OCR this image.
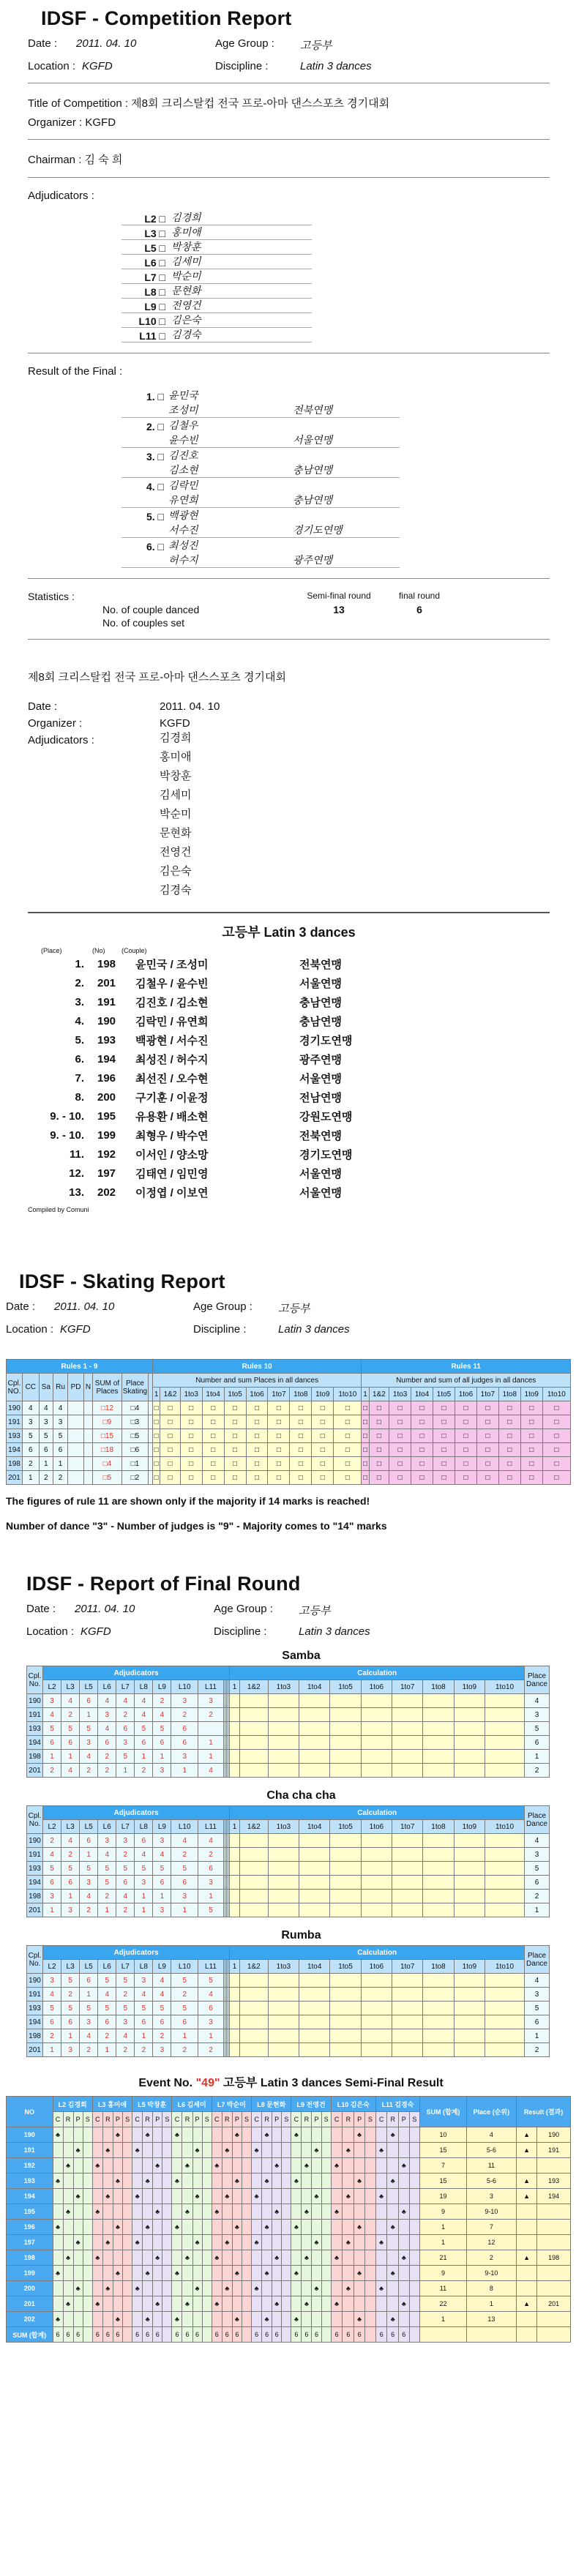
IDSF - Competition Report
Date :	2011. 04. 10	Age Group :	고등부
Location : KGFD	Discipline :	Latin 3 dances
Title of Competition : 제8회 크리스탈컵 전국 프로-아마 댄스스포츠 경기대회
Organizer : KGFD
Chairman : 김 숙 희
Adjudicators :
L2 □ 김경희
L3 □ 홍미애
L5 □ 박창훈
L6 □ 김세미
L7 □ 박순미
L8 □ 문현화
L9 □ 전영건
L10 □ 김은숙
L11 □ 김경숙
Result of the Final :
1. □ 윤민국
조성미	전북연맹
2. □ 김철우
윤수빈	서울연맹
3. □ 김진호
김소현	충남연맹
4. □ 김락민
유연희	충남연맹
5. □ 백광현
서수진	경기도연맹
6. □ 최성진
허수지	광주연맹
Statistics :	Semi-final round	final round
No. of couple danced	13	6
No. of couples set
제8회 크리스탈컵 전국 프로-아마 댄스스포츠 경기대회
Date :	2011. 04. 10
Organizer :	KGFD
Adjudicators :	김경희
홍미애
박창훈
김세미
박순미
문현화
전영건
김은숙
김경숙
고등부 Latin 3 dances
(Place)	(No)	(Couple)
1.	198	윤민국 / 조성미	전북연맹
2.	201	김철우 / 윤수빈	서울연맹
3.	191	김진호 / 김소현	충남연맹
4.	190	김락민 / 유연희	충남연맹
5.	193	백광현 / 서수진	경기도연맹
6.	194	최성진 / 허수지	광주연맹
7.	196	최선진 / 오수현	서울연맹
8.	200	구기훈 / 이윤정	전남연맹
9. - 10.	195	유용환 / 배소현	강원도연맹
9. - 10.	199	최형우 / 박수연	전북연맹
11.	192	이서인 / 양소망	경기도연맹
12.	197	김태연 / 임민영	서울연맹
13.	202	이정엽 / 이보연	서울연맹
Compiled by Comuni
IDSF - Skating Report
Date :	2011. 04. 10	Age Group :	고등부
Location : KGFD	Discipline :	Latin 3 dances
Rules 1 - 9									Rules 10										Rules 11									
Cpl. NO.	CC	Sa	Ru	PD	N	SUM of Places	Place Skating		Number and sum Places in all dances										Number and sum of all judges in all dances									
									1	1&2	1to3	1to4	1to5	1to6	1to7	1to8	1to9	1to10	1	1&2	1to3	1to4	1to5	1to6	1to7	1to8	1to9	1to10
190	4	4	4			□12	□4		□	□	□	□	□	□	□	□	□	□	□	□	□	□	□	□	□	□	□	□
191	3	3	3			□9	□3		□	□	□	□	□	□	□	□	□	□	□	□	□	□	□	□	□	□	□	□
193	5	5	5			□15	□5		□	□	□	□	□	□	□	□	□	□	□	□	□	□	□	□	□	□	□	□
194	6	6	6			□18	□6		□	□	□	□	□	□	□	□	□	□	□	□	□	□	□	□	□	□	□	□
198	2	1	1			□4	□1		□	□	□	□	□	□	□	□	□	□	□	□	□	□	□	□	□	□	□	□
201	1	2	2			□5	□2		□	□	□	□	□	□	□	□	□	□	□	□	□	□	□	□	□	□	□	□
The figures of rule 11 are shown only if the majority if 14 marks is reached!
Number of dance "3" - Number of judges is "9" - Majority comes to "14" marks
IDSF - Report of Final Round
Date :	2011. 04. 10	Age Group :	고등부
Location : KGFD	Discipline :	Latin 3 dances
Samba
Cpl. No.	Adjudicators													Calculation										Place Dance
	L2	L3	L5	L6	L7	L8	L9	L10	L11					1	1&2	1to3	1to4	1to5	1to6	1to7	1to8	1to9	1to10	
190	3	4	6	4	4	4	2	3	3															4
191	4	2	1	3	2	4	4	2	2															3
193	5	5	5	4	6	5	5	6																5
194	6	6	3	6	3	6	6	6	1															6
198	1	1	4	2	5	1	1	3	1															1
201	2	4	2	2	1	2	3	1	4															2
Cha cha cha
Cpl. No.	Adjudicators													Calculation										Place Dance
	L2	L3	L5	L6	L7	L8	L9	L10	L11					1	1&2	1to3	1to4	1to5	1to6	1to7	1to8	1to9	1to10	
190	2	4	6	3	3	6	3	4	4															4
191	4	2	1	4	2	4	4	2	2															3
193	5	5	5	5	5	5	5	5	6															5
194	6	6	3	5	6	3	6	6	3															6
198	3	1	4	2	4	1	1	3	1															2
201	1	3	2	1	2	1	3	1	5															1
Rumba
Cpl. No.	Adjudicators													Calculation										Place Dance
	L2	L3	L5	L6	L7	L8	L9	L10	L11					1	1&2	1to3	1to4	1to5	1to6	1to7	1to8	1to9	1to10	
190	3	5	6	5	5	3	4	5	5															4
191	4	2	1	4	2	4	4	2	4															3
193	5	5	5	5	5	5	5	5	6															5
194	6	6	3	6	3	6	6	6	3															6
198	2	1	4	2	4	1	2	1	1															1
201	1	3	2	1	2	2	3	2	2															2
Event No. "49" 고등부 Latin 3 dances Semi-Final Result
NO	L2 김경희				L3 홍미애				L5 박창훈				L6 김세미				L7 박순미				L8 문현화				L9 전영건				L10 김은숙				L11 김경숙				SUM (합계)	Place (순위)	Result (결과)	
	C	R	P	S	C	R	P	S	C	R	P	S	C	R	P	S	C	R	P	S	C	R	P	S	C	R	P	S	C	R	P	S	C	R	P	S				
190	♣						♣			♣			♣						♣			♣			♣						♣			♣			10	4	▲	190
191			♣			♣			♣						♣			♣			♣						♣			♣			♣				15	5-6	▲	191
192		♣			♣						♣			♣			♣						♣			♣			♣						♣		7	11		
193	♣						♣			♣			♣						♣			♣			♣						♣			♣			15	5-6	▲	193
194			♣			♣			♣						♣			♣			♣						♣			♣			♣				19	3	▲	194
195		♣			♣						♣			♣			♣						♣			♣			♣						♣		9	9-10		
196	♣						♣			♣			♣						♣			♣			♣						♣			♣			1	7		
197			♣			♣			♣						♣			♣			♣						♣			♣			♣				1	12		
198		♣			♣						♣			♣			♣						♣			♣			♣						♣		21	2	▲	198
199	♣						♣			♣			♣						♣			♣			♣						♣			♣			9	9-10		
200			♣			♣			♣						♣			♣			♣						♣			♣			♣				11	8		
201		♣			♣						♣			♣			♣						♣			♣			♣						♣		22	1	▲	201
202	♣						♣			♣			♣						♣			♣			♣						♣			♣			1	13		
SUM (합계)	6	6	6		6	6	6		6	6	6		6	6	6		6	6	6		6	6	6		6	6	6		6	6	6		6	6	6					
